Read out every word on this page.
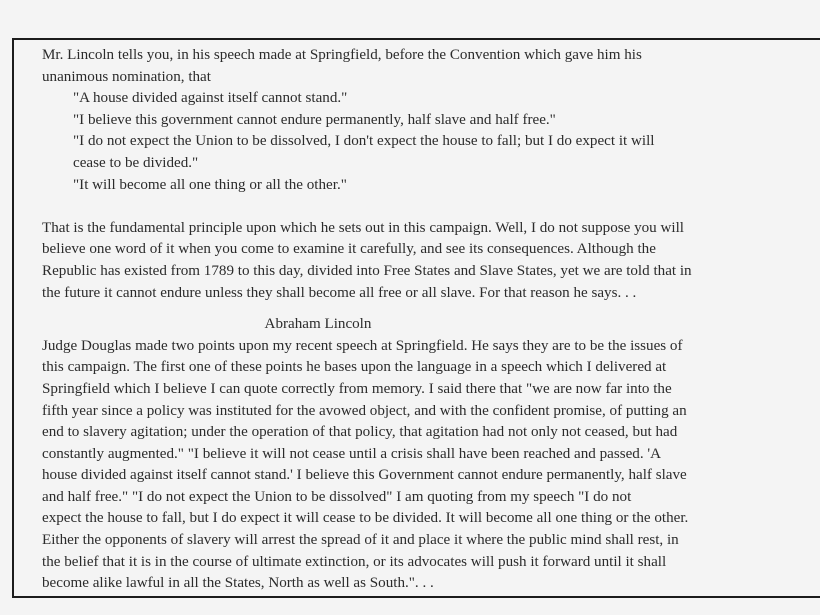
Mr. Lincoln tells you, in his speech made at Springfield, before the Convention which gave him his

unanimous nomination, that

"A house divided against itself cannot stand."

"I believe this government cannot endure permanently, half slave and half free."

"I do not expect the Union to be dissolved, I don't expect the house to fall; but I do expect it will

cease to be divided."

"It will become all one thing or all the other."

That is the fundamental principle upon which he sets out in this campaign. Well, I do not suppose you will

believe one word of it when you come to examine it carefully, and see its consequences. Although the

Republic has existed from 1789 to this day, divided into Free States and Slave States, yet we are told that in

the future it cannot endure unless they shall become all free or all slave. For that reason he says. . .

Abraham Lincoln

Judge Douglas made two points upon my recent speech at Springfield. He says they are to be the issues of

this campaign. The first one of these points he bases upon the language in a speech which I delivered at

Springfield which I believe I can quote correctly from memory. I said there that "we are now far into the

fifth year since a policy was instituted for the avowed object, and with the confident promise, of putting an

end to slavery agitation; under the operation of that policy, that agitation had not only not ceased, but had

constantly augmented." "I believe it will not cease until a crisis shall have been reached and passed. 'A

house divided against itself cannot stand.' I believe this Government cannot endure permanently, half slave

and half free." "I do not expect the Union to be dissolved" I am quoting from my speech "I do not

expect the house to fall, but I do expect it will cease to be divided. It will become all one thing or the other.

Either the opponents of slavery will arrest the spread of it and place it where the public mind shall rest, in

the belief that it is in the course of ultimate extinction, or its advocates will push it forward until it shall

become alike lawful in all the States, North as well as South.". . .
